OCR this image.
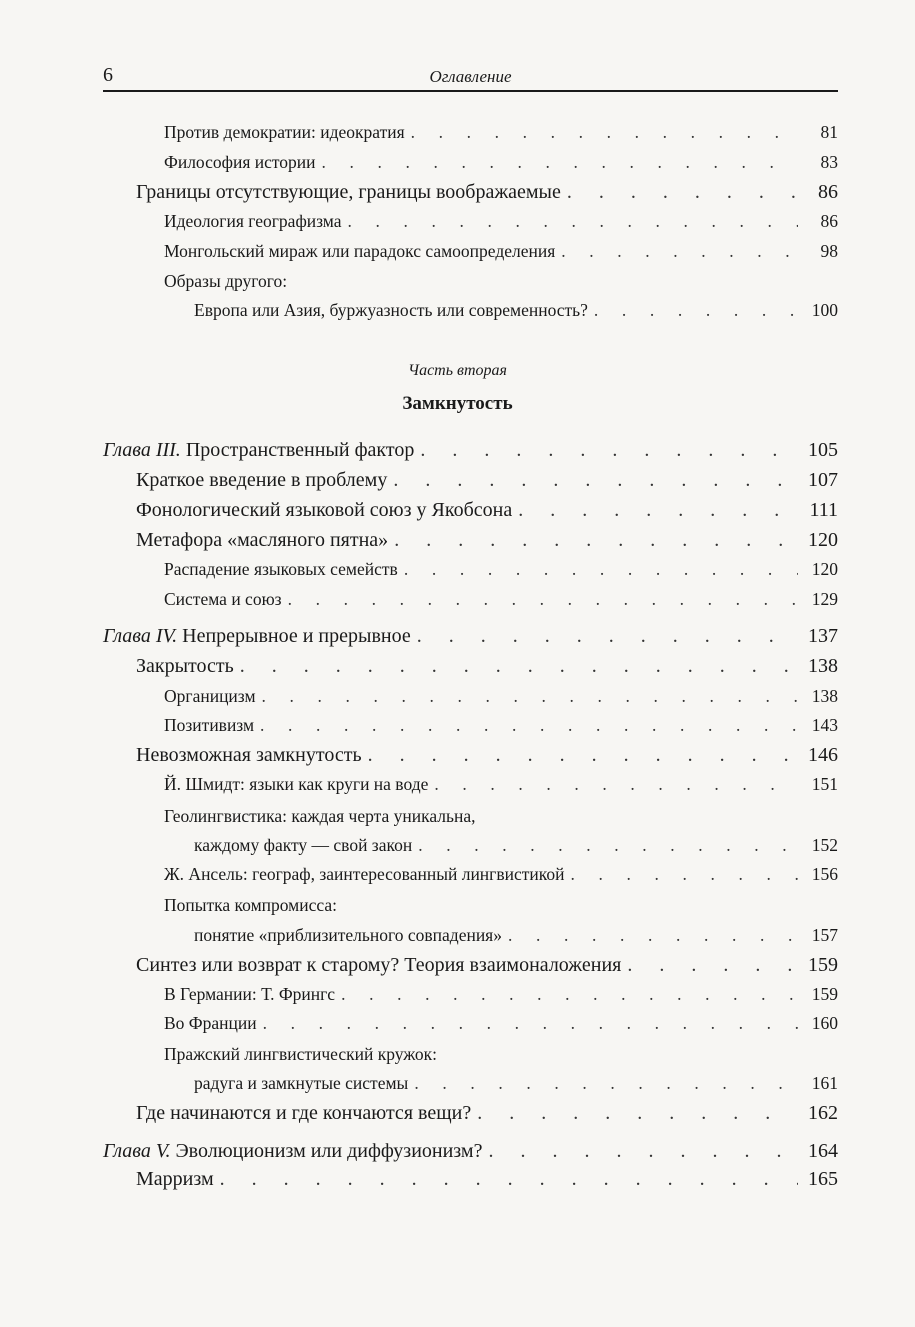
6	Оглавление
Против демократии: идеократия . . .	81
Философия истории . . .	83
Границы отсутствующие, границы воображаемые . . .	86
Идеология географизма . . .	86
Монгольский мираж или парадокс самоопределения . . .	98
Образы другого:
Европа или Азия, буржуазность или современность? . . .	100
Часть вторая
Замкнутость
Глава III. Пространственный фактор . . .	105
Краткое введение в проблему . . .	107
Фонологический языковой союз у Якобсона . . .	111
Метафора «масляного пятна» . . .	120
Распадение языковых семейств . . .	120
Система и союз . . .	129
Глава IV. Непрерывное и прерывное . . .	137
Закрытость . . .	138
Органицизм . . .	138
Позитивизм . . .	143
Невозможная замкнутость . . .	146
Й. Шмидт: языки как круги на воде . . .	151
Геолингвистика: каждая черта уникальна,
каждому факту — свой закон . . .	152
Ж. Ансель: географ, заинтересованный лингвистикой . . .	156
Попытка компромисса:
понятие «приблизительного совпадения» . . .	157
Синтез или возврат к старому? Теория взаимоналожения . . .	159
В Германии: Т. Фрингс . . .	159
Во Франции . . .	160
Пражский лингвистический кружок:
радуга и замкнутые системы . . .	161
Где начинаются и где кончаются вещи? . . .	162
Глава V. Эволюционизм или диффузионизм? . . .	164
Марризм . . .	165
